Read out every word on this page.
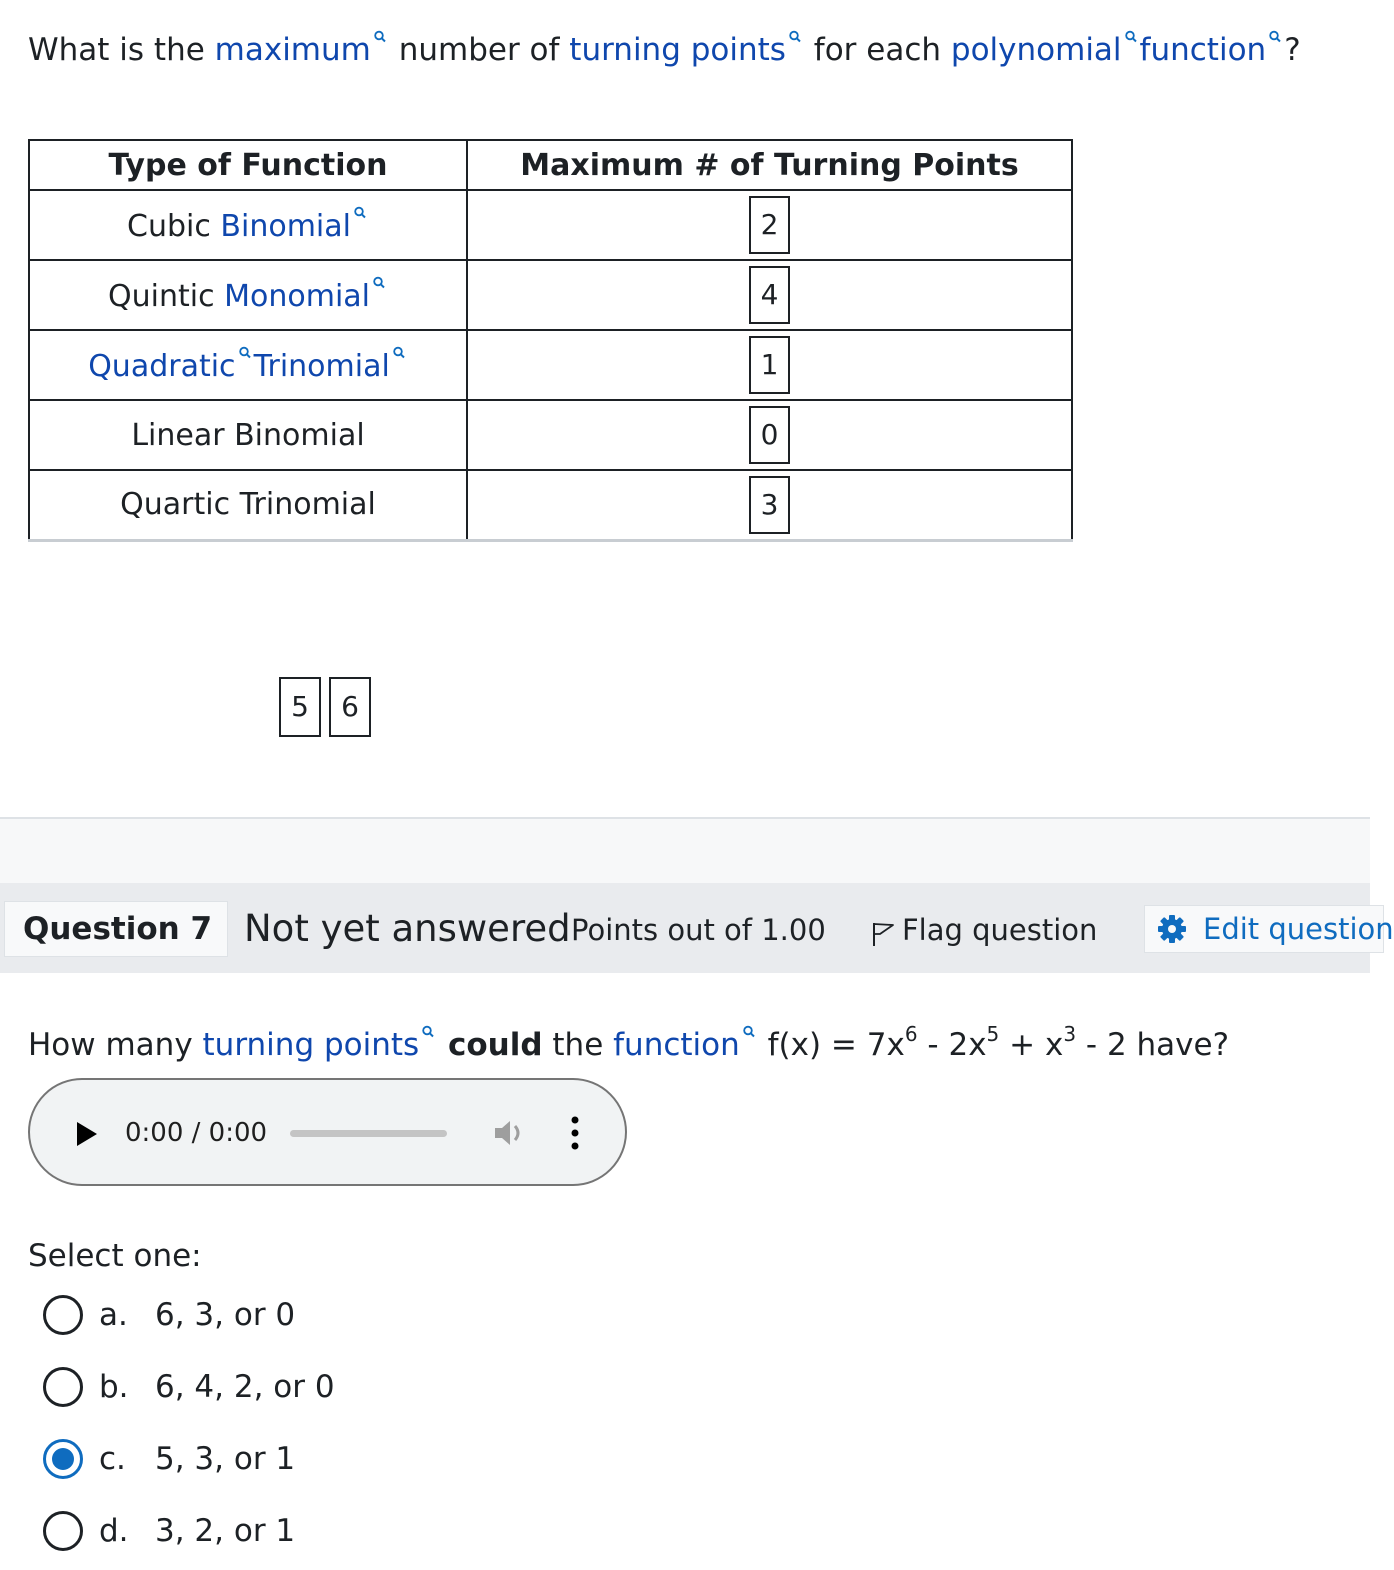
What is the maximum number of turning points for each polynomial function ?
Type of Function	Maximum # of Turning Points
Cubic Binomial	2
Quintic Monomial	4
Quadratic Trinomial	1
Linear Binomial	0
Quartic Trinomial	3
5	6
Question 7 Not yet answered Points out of 1.00	Flag question	Edit question
How many turning points could the function $f(x) = 7x^6 - 2x^5 + x^3 - 2$ have?
0:00 / 0:00
Select one:
a. 6, 3, or 0
b. 6, 4, 2, or 0
c. 5, 3, or 1
d. 3, 2, or 1
